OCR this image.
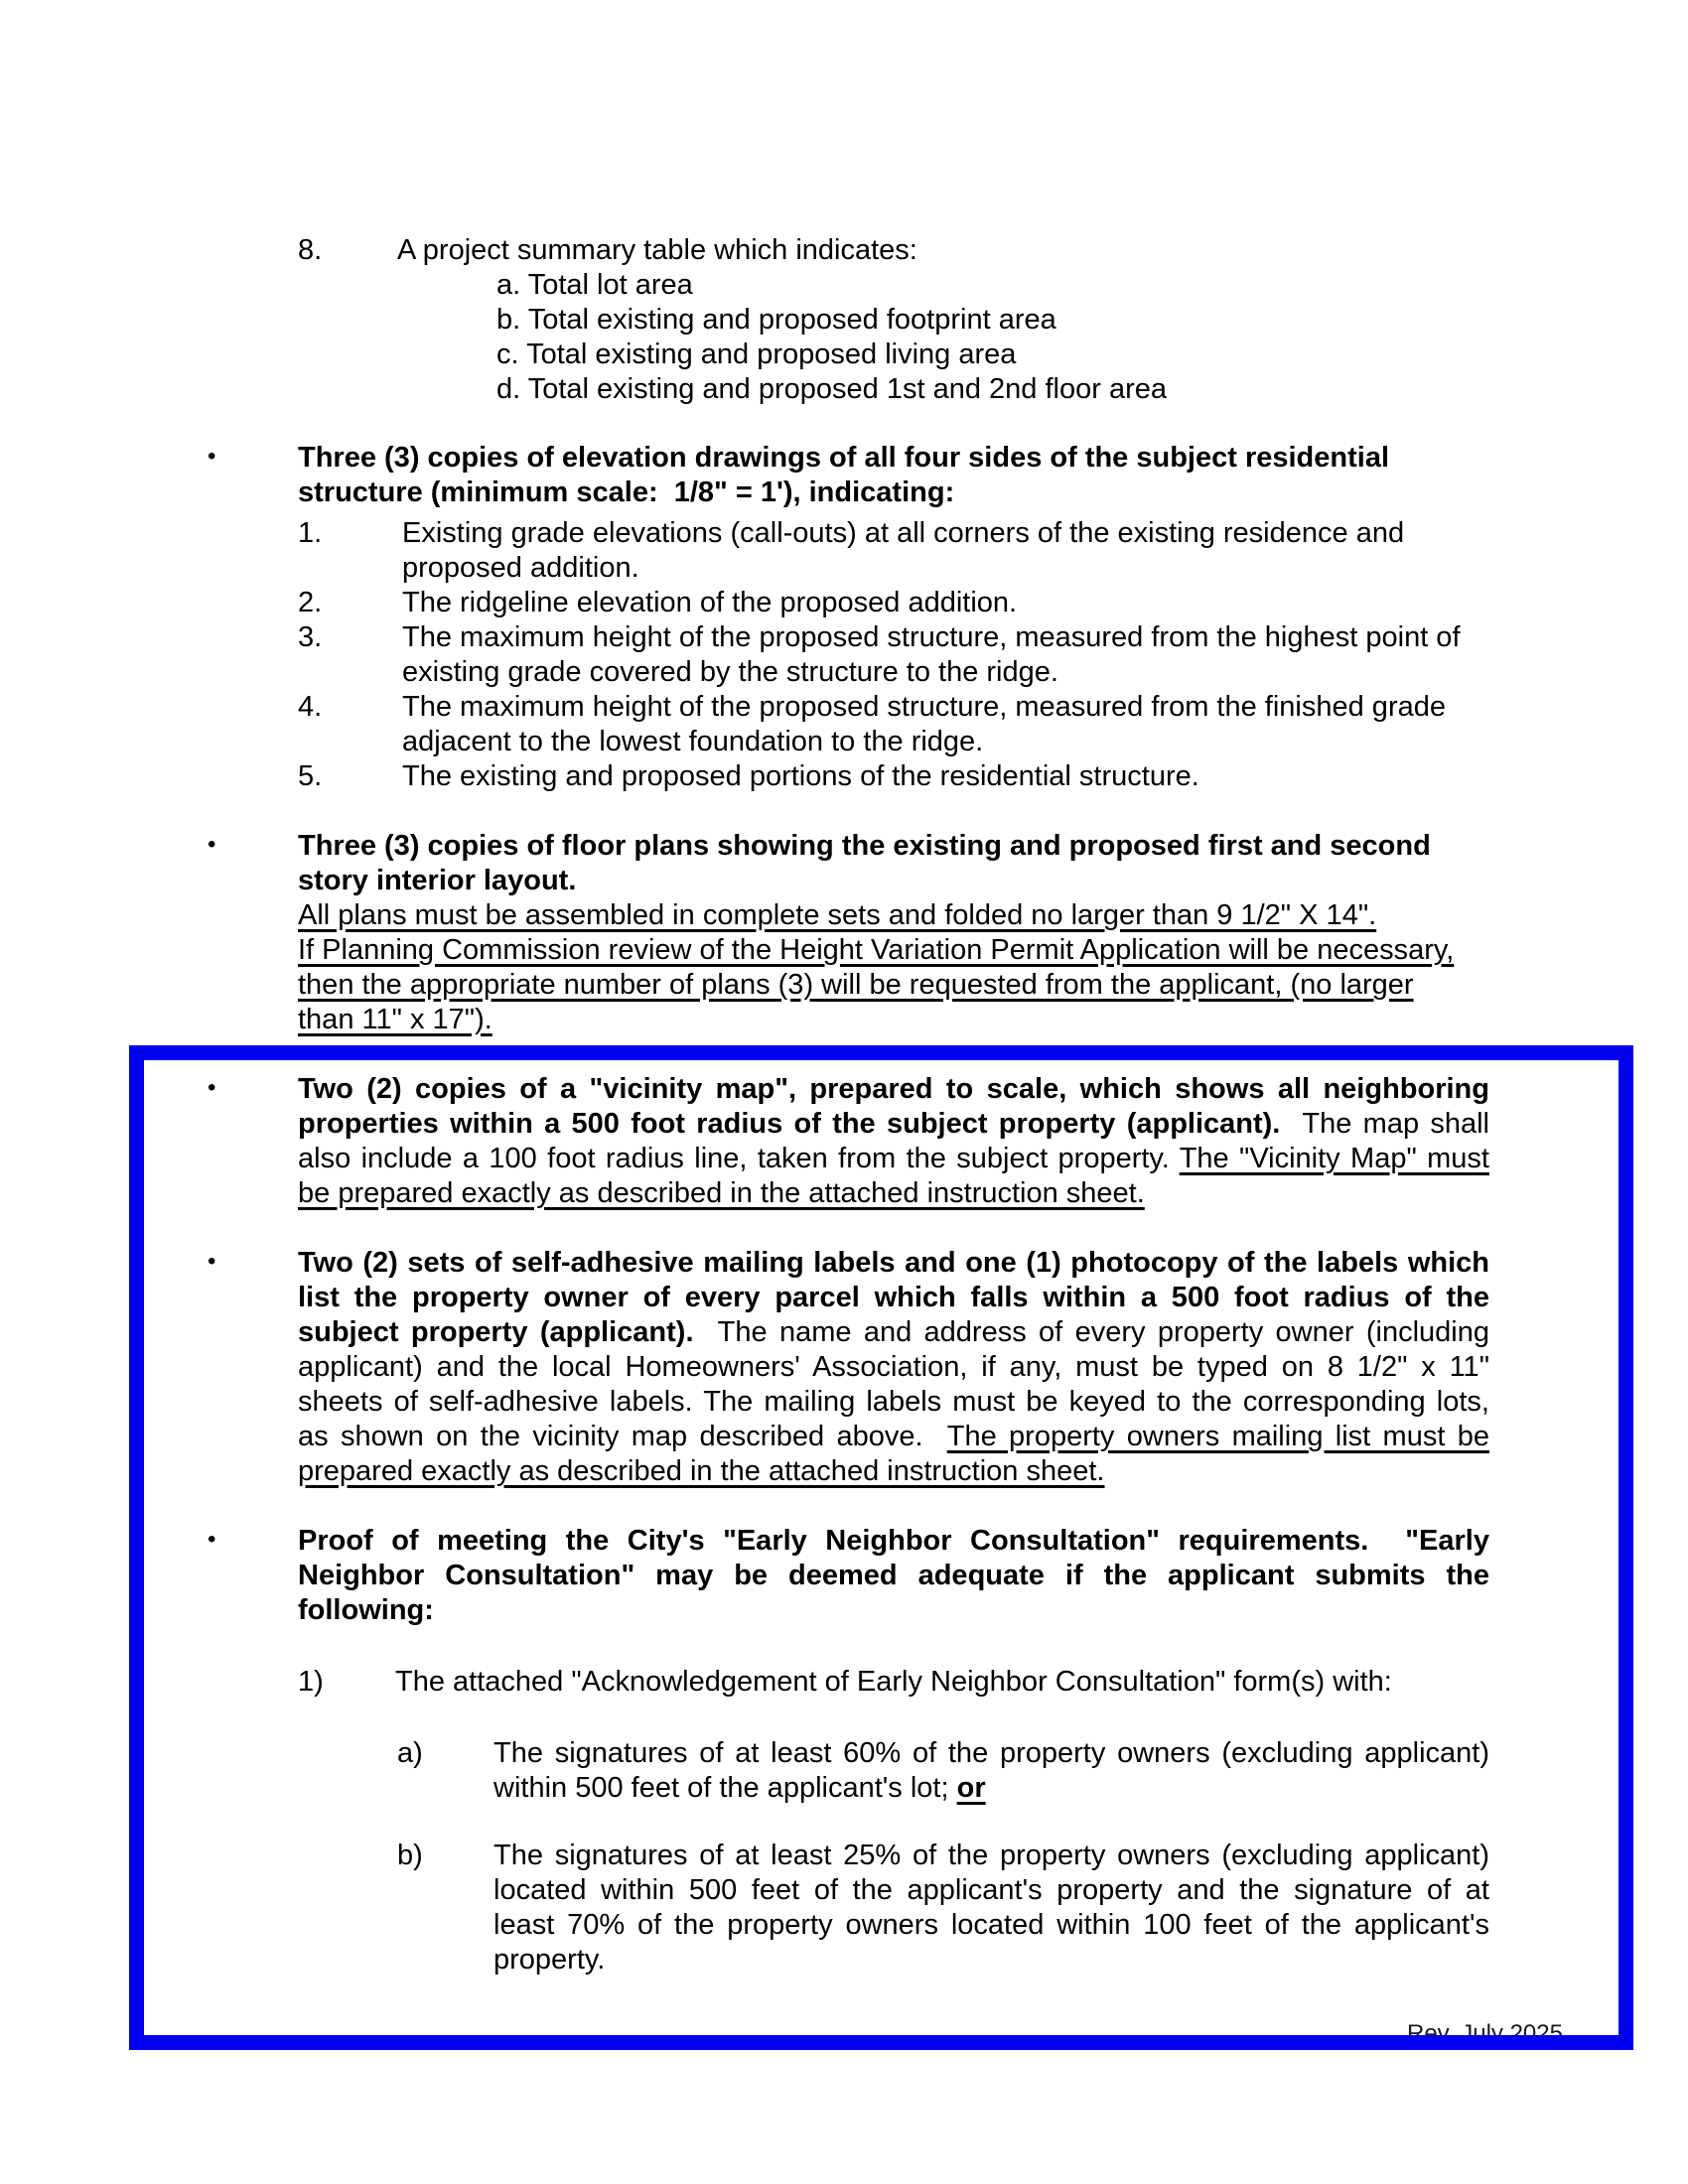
8.	A project summary table which indicates:
a. Total lot area
b. Total existing and proposed footprint area
c. Total existing and proposed living area
d. Total existing and proposed 1st and 2nd floor area
•	Three (3) copies of elevation drawings of all four sides of the subject residential
structure (minimum scale:  1/8" = 1'), indicating:
1.	Existing grade elevations (call-outs) at all corners of the existing residence and
proposed addition.
2.	The ridgeline elevation of the proposed addition.
3.	The maximum height of the proposed structure, measured from the highest point of
existing grade covered by the structure to the ridge.
4.	The maximum height of the proposed structure, measured from the finished grade
adjacent to the lowest foundation to the ridge.
5.	The existing and proposed portions of the residential structure.
•	Three (3) copies of floor plans showing the existing and proposed first and second
story interior layout.
All plans must be assembled in complete sets and folded no larger than 9 1/2" X 14".
If Planning Commission review of the Height Variation Permit Application will be necessary,
then the appropriate number of plans (3) will be requested from the applicant, (no larger
than 11" x 17").
•	Two (2) copies of a "vicinity map", prepared to scale, which shows all neighboring
properties within a 500 foot radius of the subject property (applicant).  The map shall
also include a 100 foot radius line, taken from the subject property. The "Vicinity Map" must
be prepared exactly as described in the attached instruction sheet.
•	Two (2) sets of self-adhesive mailing labels and one (1) photocopy of the labels which
list the property owner of every parcel which falls within a 500 foot radius of the
subject property (applicant).  The name and address of every property owner (including
applicant) and the local Homeowners' Association, if any, must be typed on 8 1/2" x 11"
sheets of self-adhesive labels. The mailing labels must be keyed to the corresponding lots,
as shown on the vicinity map described above.  The property owners mailing list must be
prepared exactly as described in the attached instruction sheet.
•	Proof of meeting the City's "Early Neighbor Consultation" requirements.  "Early
Neighbor Consultation" may be deemed adequate if the applicant submits the
following:
1) The attached "Acknowledgement of Early Neighbor Consultation" form(s) with:
a) The signatures of at least 60% of the property owners (excluding applicant)
within 500 feet of the applicant's lot; or
b) The signatures of at least 25% of the property owners (excluding applicant)
located within 500 feet of the applicant's property and the signature of at
least 70% of the property owners located within 100 feet of the applicant's
property.
Rev. July 2025
